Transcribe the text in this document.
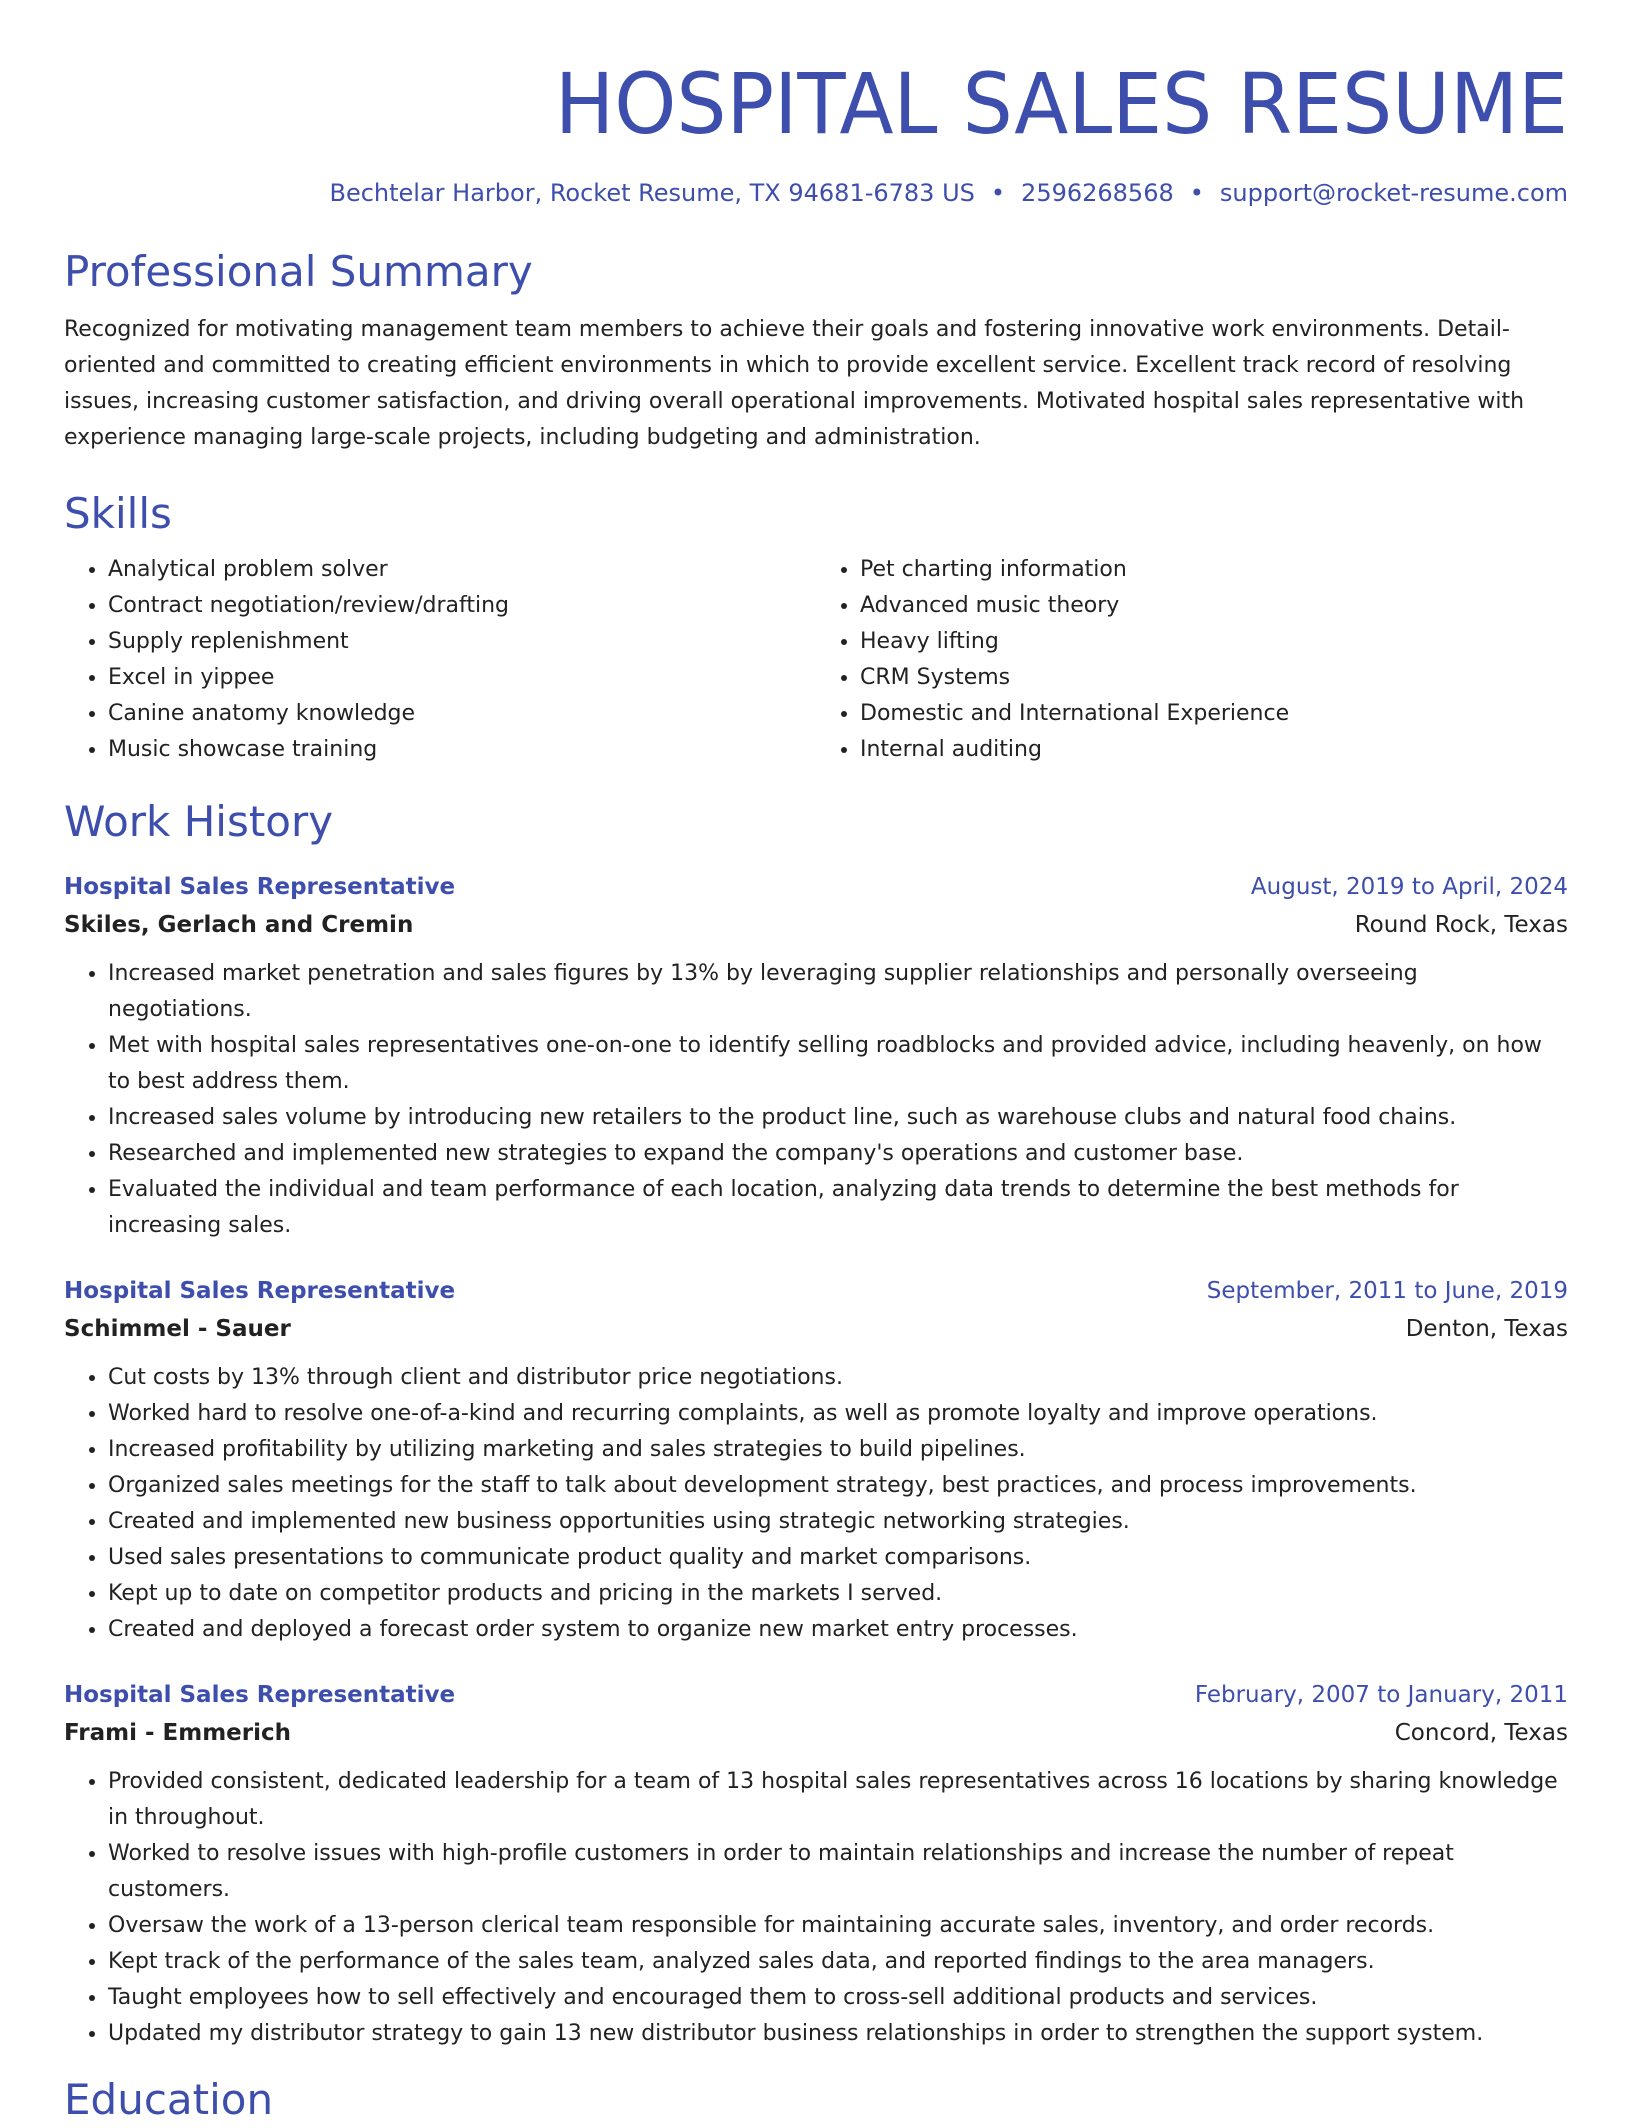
HOSPITAL SALES RESUME
Bechtelar Harbor, Rocket Resume, TX 94681-6783 US • 2596268568 • support@rocket-resume.com
Professional Summary

Recognized for motivating management team members to achieve their goals and fostering innovative work environments. Detail-oriented and committed to creating efficient environments in which to provide excellent service. Excellent track record of resolving issues, increasing customer satisfaction, and driving overall operational improvements. Motivated hospital sales representative with experience managing large-scale projects, including budgeting and administration.

Skills
• Analytical problem solver
• Contract negotiation/review/drafting
• Supply replenishment
• Excel in yippee
• Canine anatomy knowledge
• Music showcase training
• Pet charting information
• Advanced music theory
• Heavy lifting
• CRM Systems
• Domestic and International Experience
• Internal auditing
Work History
Hospital Sales Representative	August, 2019 to April, 2024
Skiles, Gerlach and Cremin	Round Rock, Texas
• Increased market penetration and sales figures by 13% by leveraging supplier relationships and personally overseeing negotiations.
• Met with hospital sales representatives one-on-one to identify selling roadblocks and provided advice, including heavenly, on how to best address them.
• Increased sales volume by introducing new retailers to the product line, such as warehouse clubs and natural food chains.
• Researched and implemented new strategies to expand the company's operations and customer base.
• Evaluated the individual and team performance of each location, analyzing data trends to determine the best methods for increasing sales.
Hospital Sales Representative	September, 2011 to June, 2019
Schimmel - Sauer	Denton, Texas
• Cut costs by 13% through client and distributor price negotiations.
• Worked hard to resolve one-of-a-kind and recurring complaints, as well as promote loyalty and improve operations.
• Increased profitability by utilizing marketing and sales strategies to build pipelines.
• Organized sales meetings for the staff to talk about development strategy, best practices, and process improvements.
• Created and implemented new business opportunities using strategic networking strategies.
• Used sales presentations to communicate product quality and market comparisons.
• Kept up to date on competitor products and pricing in the markets I served.
• Created and deployed a forecast order system to organize new market entry processes.
Hospital Sales Representative	February, 2007 to January, 2011
Frami - Emmerich	Concord, Texas
• Provided consistent, dedicated leadership for a team of 13 hospital sales representatives across 16 locations by sharing knowledge in throughout.
• Worked to resolve issues with high-profile customers in order to maintain relationships and increase the number of repeat customers.
• Oversaw the work of a 13-person clerical team responsible for maintaining accurate sales, inventory, and order records.
• Kept track of the performance of the sales team, analyzed sales data, and reported findings to the area managers.
• Taught employees how to sell effectively and encouraged them to cross-sell additional products and services.
• Updated my distributor strategy to gain 13 new distributor business relationships in order to strengthen the support system.
Education
